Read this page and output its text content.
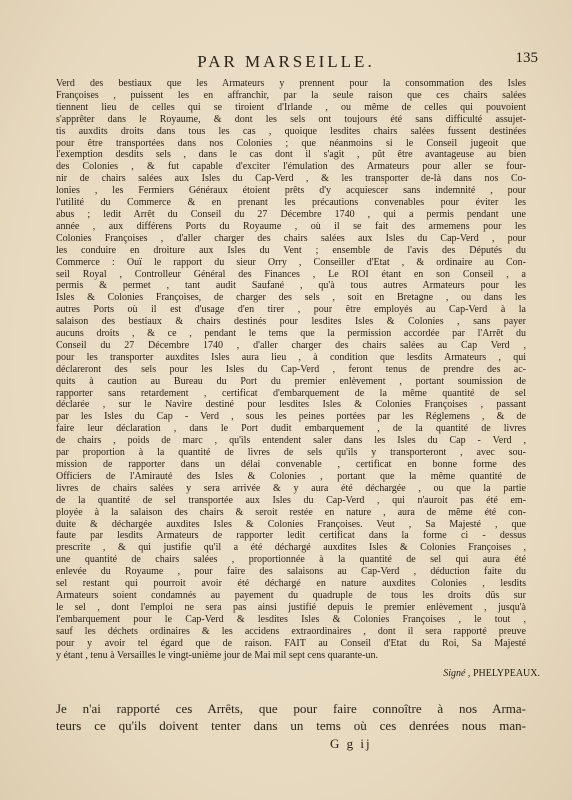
PAR MARSEILLE.	135
Verd des bestiaux que les Armateurs y prennent pour la consommation des Isles
Françoises , puissent les en affranchir, par la seule raison que ces chairs salées
tiennent lieu de celles qui se tiroient d'Irlande , ou même de celles qui pouvoient
s'apprêter dans le Royaume, & dont les sels ont toujours été sans difficulté assujet-
tis auxdits droits dans tous les cas , quoique lesdites chairs salées fussent destinées
pour être transportées dans nos Colonies ; que néanmoins si le Conseil jugeoit que
l'exemption desdits sels , dans le cas dont il s'agit , pût être avantageuse au bien
des Colonies , & fut capable d'exciter l'émulation des Armateurs pour aller se four-
nir de chairs salées aux Isles du Cap-Verd , & les transporter de-là dans nos Co-
lonies , les Fermiers Généraux étoient prêts d'y acquiescer sans indemnité , pour
l'utilité du Commerce & en prenant les précautions convenables pour éviter les
abus ; ledit Arrêt du Conseil du 27 Décembre 1740 , qui a permis pendant une
année , aux différens Ports du Royaume , où il se fait des armemens pour les
Colonies Françoises , d'aller charger des chairs salées aux Isles du Cap-Verd , pour
les conduire en droiture aux Isles du Vent ; ensemble de l'avis des Députés du
Commerce : Ouï le rapport du sieur Orry , Conseiller d'Etat , & ordinaire au Con-
seil Royal , Controlleur Général des Finances , Le ROI étant en son Conseil , a
permis & permet , tant audit Saufané , qu'à tous autres Armateurs pour les
Isles & Colonies Françoises, de charger des sels , soit en Bretagne , ou dans les
autres Ports où il est d'usage d'en tirer , pour être employés au Cap-Verd à la
salaison des bestiaux & chairs destinés pour lesdites Isles & Colonies , sans payer
aucuns droits , & ce , pendant le tems que la permission accordée par l'Arrêt du
Conseil du 27 Décembre 1740 , d'aller charger des chairs salées au Cap Verd ,
pour les transporter auxdites Isles aura lieu , à condition que lesdits Armateurs , qui
déclareront des sels pour les Isles du Cap-Verd , feront tenus de prendre des ac-
quits à caution au Bureau du Port du premier enlèvement , portant soumission de
rapporter sans retardement , certificat d'embarquement de la même quantité de sel
déclarée , sur le Navire destiné pour lesdites Isles & Colonies Françoises , passant
par les Isles du Cap - Verd , sous les peines portées par les Réglemens , & de
faire leur déclaration , dans le Port dudit embarquement , de la quantité de livres
de chairs , poids de marc , qu'ils entendent saler dans les Isles du Cap - Verd ,
par proportion à la quantité de livres de sels qu'ils y transporteront , avec sou-
mission de rapporter dans un délai convenable , certificat en bonne forme des
Officiers de l'Amirauté des Isles & Colonies , portant que la même quantité de
livres de chairs salées y sera arrivée & y aura été déchargée , ou que la partie
de la quantité de sel transportée aux Isles du Cap-Verd , qui n'auroit pas été em-
ployée à la salaison des chairs & seroit restée en nature , aura de même été con-
duite & déchargée auxdites Isles & Colonies Françoises. Veut , Sa Majesté , que
faute par lesdits Armateurs de rapporter ledit certificat dans la forme ci - dessus
prescrite , & qui justifie qu'il a été déchargé auxdites Isles & Colonies Françoises ,
une quantité de chairs salées , proportionnée à la quantité de sel qui aura été
enlevée du Royaume , pour faire des salaisons au Cap-Verd , déduction faite du
sel restant qui pourroit avoir été déchargé en nature auxdites Colonies , lesdits
Armateurs soient condamnés au payement du quadruple de tous les droits dûs sur
le sel , dont l'emploi ne sera pas ainsi justifié depuis le premier enlèvement , jusqu'à
l'embarquement pour le Cap-Verd & lesdites Isles & Colonies Françoises , le tout ,
sauf les déchets ordinaires & les accidens extraordinaires , dont il sera rapporté preuve
pour y avoir tel égard que de raison. FAIT au Conseil d'Etat du Roi, Sa Majesté
y étant , tenu à Versailles le vingt-unième jour de Mai mil sept cens quarante-un.
Signé , PHELYPEAUX.
Je n'ai rapporté ces Arrêts, que pour faire connoître à nos Arma-
teurs ce qu'ils doivent tenter dans un tems où ces denrées nous man-
G g ij
